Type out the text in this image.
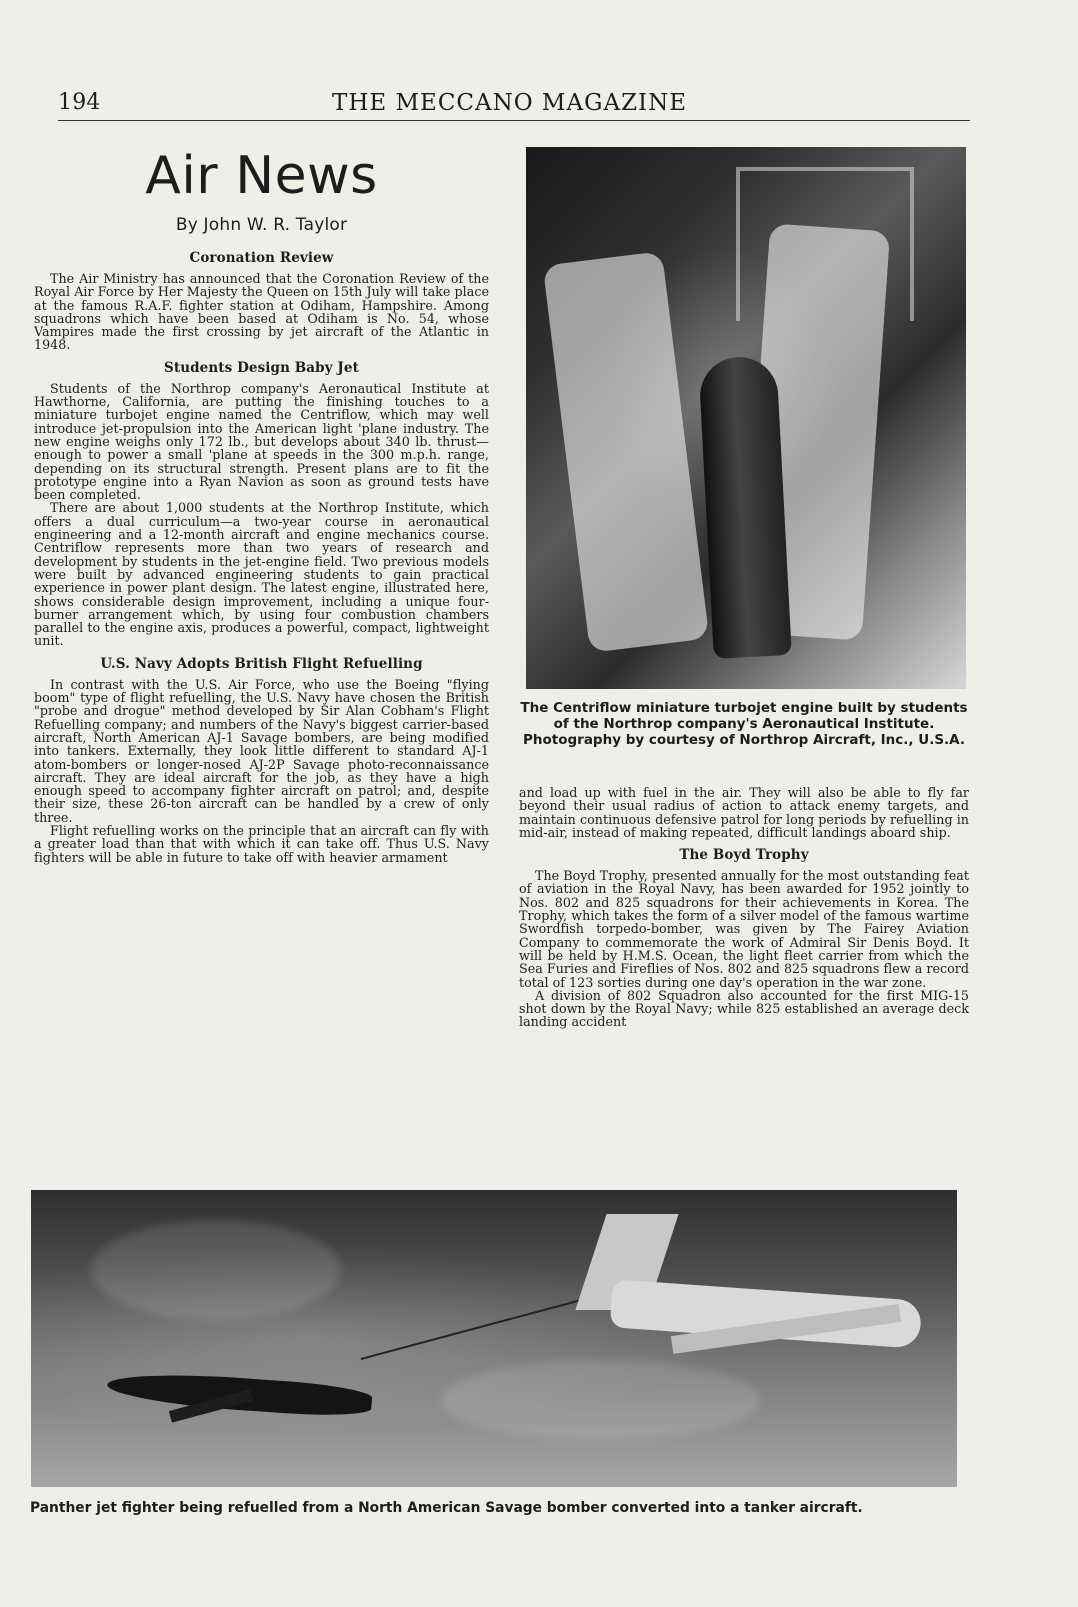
194	THE MECCANO MAGAZINE
Air News
By John W. R. Taylor
Coronation Review

The Air Ministry has announced that the Coronation Review of the Royal Air Force by Her Majesty the Queen on 15th July will take place at the famous R.A.F. fighter station at Odiham, Hampshire. Among squadrons which have been based at Odiham is No. 54, whose Vampires made the first crossing by jet aircraft of the Atlantic in 1948.

Students Design Baby Jet

Students of the Northrop company's Aeronautical Institute at Hawthorne, California, are putting the finishing touches to a miniature turbojet engine named the Centriflow, which may well introduce jet-propulsion into the American light 'plane industry. The new engine weighs only 172 lb., but develops about 340 lb. thrust—enough to power a small 'plane at speeds in the 300 m.p.h. range, depending on its structural strength. Present plans are to fit the prototype engine into a Ryan Navion as soon as ground tests have been completed.

There are about 1,000 students at the Northrop Institute, which offers a dual curriculum—a two-year course in aeronautical engineering and a 12-month aircraft and engine mechanics course. Centriflow represents more than two years of research and development by students in the jet-engine field. Two previous models were built by advanced engineering students to gain practical experience in power plant design. The latest engine, illustrated here, shows considerable design improvement, including a unique four-burner arrangement which, by using four combustion chambers parallel to the engine axis, produces a powerful, compact, lightweight unit.

U.S. Navy Adopts British Flight Refuelling

In contrast with the U.S. Air Force, who use the Boeing "flying boom" type of flight refuelling, the U.S. Navy have chosen the British "probe and drogue" method developed by Sir Alan Cobham's Flight Refuelling company; and numbers of the Navy's biggest carrier-based aircraft, North American AJ-1 Savage bombers, are being modified into tankers. Externally, they look little different to standard AJ-1 atom-bombers or longer-nosed AJ-2P Savage photo-reconnaissance aircraft. They are ideal aircraft for the job, as they have a high enough speed to accompany fighter aircraft on patrol; and, despite their size, these 26-ton aircraft can be handled by a crew of only three.

Flight refuelling works on the principle that an aircraft can fly with a greater load than that with which it can take off. Thus U.S. Navy fighters will be able in future to take off with heavier armament

The Centriflow miniature turbojet engine built by students of the Northrop company's Aeronautical Institute. Photography by courtesy of Northrop Aircraft, Inc., U.S.A.

and load up with fuel in the air. They will also be able to fly far beyond their usual radius of action to attack enemy targets, and maintain continuous defensive patrol for long periods by refuelling in mid-air, instead of making repeated, difficult landings aboard ship.

The Boyd Trophy

The Boyd Trophy, presented annually for the most outstanding feat of aviation in the Royal Navy, has been awarded for 1952 jointly to Nos. 802 and 825 squadrons for their achievements in Korea. The Trophy, which takes the form of a silver model of the famous wartime Swordfish torpedo-bomber, was given by The Fairey Aviation Company to commemorate the work of Admiral Sir Denis Boyd. It will be held by H.M.S. Ocean, the light fleet carrier from which the Sea Furies and Fireflies of Nos. 802 and 825 squadrons flew a record total of 123 sorties during one day's operation in the war zone.

A division of 802 Squadron also accounted for the first MIG-15 shot down by the Royal Navy; while 825 established an average deck landing accident

Panther jet fighter being refuelled from a North American Savage bomber converted into a tanker aircraft.
